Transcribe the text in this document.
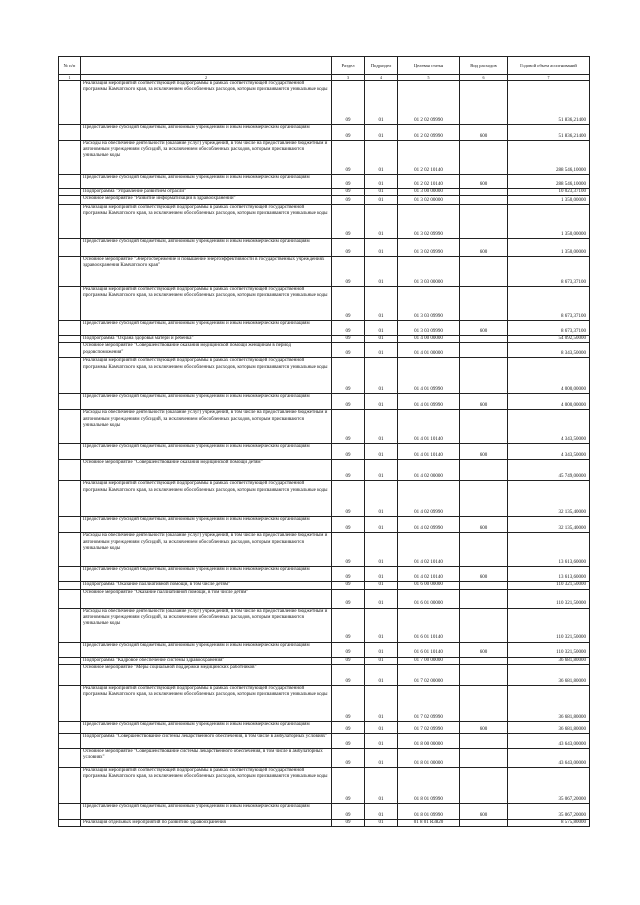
№ п/п		Раздел	Подраздел	Целевая статья	Вид расходов	Годовой объем ассигнований
1	2	3	4	5	6	7
	Реализация мероприятий соответствующей подпрограммы в рамках соответствующей государственной программы Камчатского края, за исключением обособленных расходов, которым присваиваются уникальные коды	09	01	01 2 02 09990		51 836,21400
	Предоставление субсидий бюджетным, автономным учреждениям и иным некоммерческим организациям	09	01	01 2 02 09990	600	51 836,21400
	Расходы на обеспечение деятельности (оказание услуг) учреждений, в том числе на предоставление бюджетным и автономным учреждениям субсидий, за исключением обособленных расходов, которым присваиваются уникальные коды	09	01	01 2 02 10140		288 546,10000
	Предоставление субсидий бюджетным, автономным учреждениям и иным некоммерческим организациям	09	01	01 2 02 10140	600	288 546,10000
	Подпрограмма "Управление развитием отрасли"	09	01	01 3 00 00000		10 023,37100
	Основное мероприятие "Развитие информатизации в здравоохранении"	09	01	01 3 02 00000		1 350,00000
	Реализация мероприятий соответствующей подпрограммы в рамках соответствующей государственной программы Камчатского края, за исключением обособленных расходов, которым присваиваются уникальные коды	09	01	01 3 02 09990		1 350,00000
	Предоставление субсидий бюджетным, автономным учреждениям и иным некоммерческим организациям	09	01	01 3 02 09990	600	1 350,00000
	Основное мероприятие "Энергосбережение и повышение энергоэффективности в государственных учреждениях здравоохранения Камчатского края"	09	01	01 3 03 00000		8 673,37100
	Реализация мероприятий соответствующей подпрограммы в рамках соответствующей государственной программы Камчатского края, за исключением обособленных расходов, которым присваиваются уникальные коды	09	01	01 3 03 09990		8 673,37100
	Предоставление субсидий бюджетным, автономным учреждениям и иным некоммерческим организациям	09	01	01 3 03 09990	600	8 673,37100
	Подпрограмма "Охрана здоровья матери и ребенка"	09	01	01 4 00 00000		54 092,50000
	Основное мероприятие "Совершенствование оказания медицинской помощи женщинам в период родовспоможения"	09	01	01 4 01 00000		8 343,50000
	Реализация мероприятий соответствующей подпрограммы в рамках соответствующей государственной программы Камчатского края, за исключением обособленных расходов, которым присваиваются уникальные коды	09	01	01 4 01 09990		4 000,00000
	Предоставление субсидий бюджетным, автономным учреждениям и иным некоммерческим организациям	09	01	01 4 01 09990	600	4 000,00000
	Расходы на обеспечение деятельности (оказание услуг) учреждений, в том числе на предоставление бюджетным и автономным учреждениям субсидий, за исключением обособленных расходов, которым присваиваются уникальные коды	09	01	01 4 01 10140		4 343,50000
	Предоставление субсидий бюджетным, автономным учреждениям и иным некоммерческим организациям	09	01	01 4 01 10140	600	4 343,50000
	Основное мероприятие "Совершенствование оказания медицинской помощи детям"	09	01	01 4 02 00000		45 749,00000
	Реализация мероприятий соответствующей подпрограммы в рамках соответствующей государственной программы Камчатского края, за исключением обособленных расходов, которым присваиваются уникальные коды	09	01	01 4 02 09990		32 135,40000
	Предоставление субсидий бюджетным, автономным учреждениям и иным некоммерческим организациям	09	01	01 4 02 09990	600	32 135,40000
	Расходы на обеспечение деятельности (оказание услуг) учреждений, в том числе на предоставление бюджетным и автономным учреждениям субсидий, за исключением обособленных расходов, которым присваиваются уникальные коды	09	01	01 4 02 10140		13 613,60000
	Предоставление субсидий бюджетным, автономным учреждениям и иным некоммерческим организациям	09	01	01 4 02 10140	600	13 613,60000
	Подпрограмма "Оказание паллиативной помощи, в том числе детям"	09	01	01 6 00 00000		110 321,50000
	Основное мероприятие "Оказание паллиативной помощи, в том числе детям"	09	01	01 6 01 00000		110 321,50000
	Расходы на обеспечение деятельности (оказание услуг) учреждений, в том числе на предоставление бюджетным и автономным учреждениям субсидий, за исключением обособленных расходов, которым присваиваются уникальные коды	09	01	01 6 01 10140		110 321,50000
	Предоставление субсидий бюджетным, автономным учреждениям и иным некоммерческим организациям	09	01	01 6 01 10140	600	110 321,50000
	Подпрограмма "Кадровое обеспечение системы здравоохранения"	09	01	01 7 00 00000		36 681,80000
	Основное мероприятие "Меры социальной поддержки медицинских работников"	09	01	01 7 02 00000		36 681,80000
	Реализация мероприятий соответствующей подпрограммы в рамках соответствующей государственной программы Камчатского края, за исключением обособленных расходов, которым присваиваются уникальные коды	09	01	01 7 02 09990		36 681,80000
	Предоставление субсидий бюджетным, автономным учреждениям и иным некоммерческим организациям	09	01	01 7 02 09990	600	36 681,80000
	Подпрограмма "Совершенствование системы лекарственного обеспечения, в том числе в амбулаторных условиях"	09	01	01 8 00 00000		43 643,00000
	Основное мероприятие "Совершенствование системы лекарственного обеспечения, в том числе в амбулаторных условиях"	09	01	01 8 01 00000		43 643,00000
	Реализация мероприятий соответствующей подпрограммы в рамках соответствующей государственной программы Камчатского края, за исключением обособленных расходов, которым присваиваются уникальные коды	09	01	01 8 01 09990		35 067,20000
	Предоставление субсидий бюджетным, автономным учреждениям и иным некоммерческим организациям	09	01	01 8 01 09990	600	35 067,20000
	Реализация отдельных мероприятий по развитию здравоохранения	09	01	01 8 01 R3820		8 575,80000
